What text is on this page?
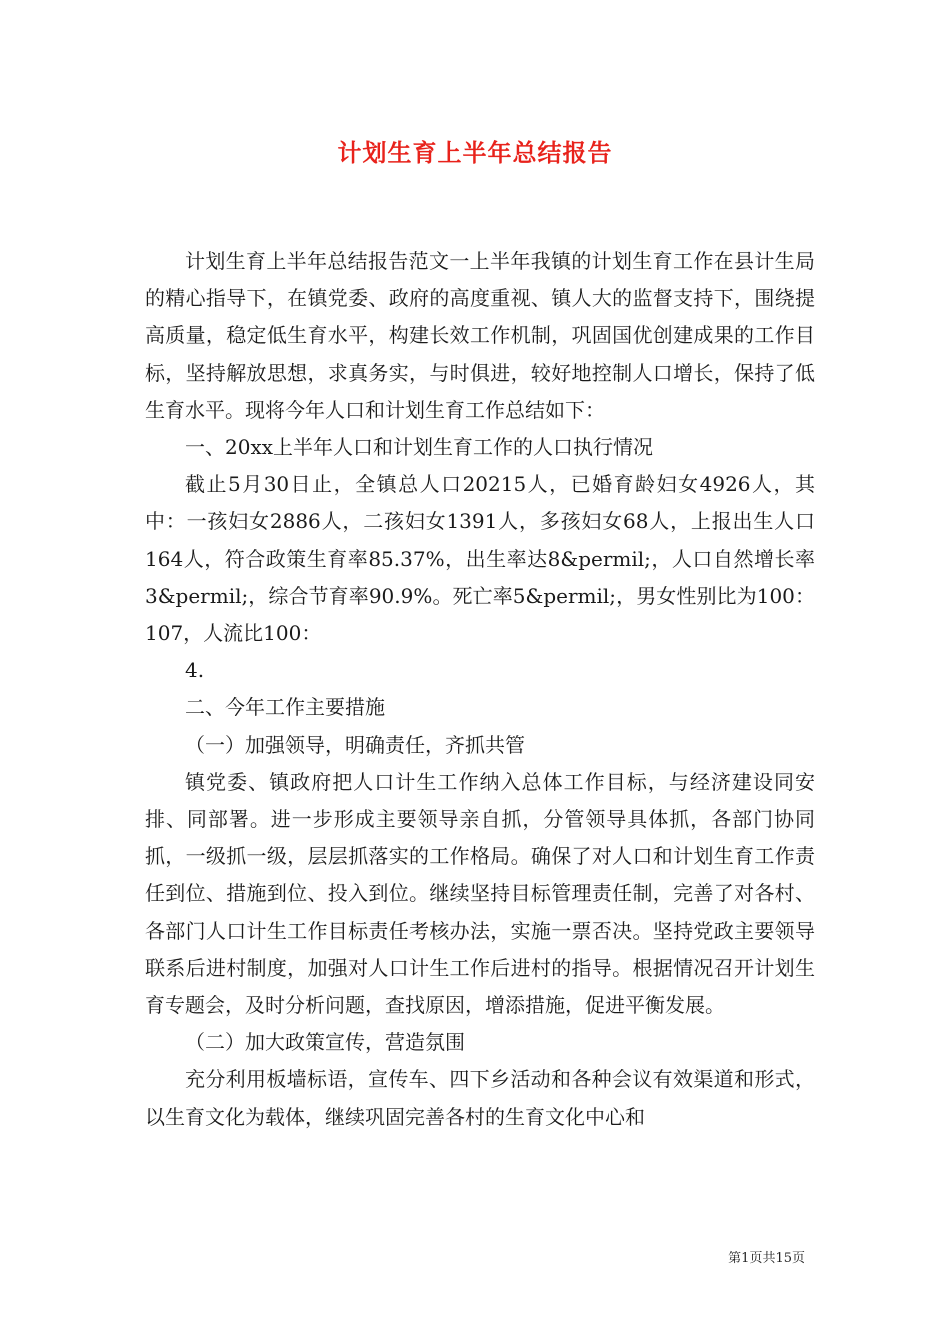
计划生育上半年总结报告

计划生育上半年总结报告范文一上半年我镇的计划生育工作在县计生局的精心指导下，在镇党委、政府的高度重视、镇人大的监督支持下，围绕提高质量，稳定低生育水平，构建长效工作机制，巩固国优创建成果的工作目标，坚持解放思想，求真务实，与时俱进，较好地控制人口增长，保持了低生育水平。现将今年人口和计划生育工作总结如下：

一、20xx上半年人口和计划生育工作的人口执行情况

截止5月30日止，全镇总人口20215人，已婚育龄妇女4926人，其中：一孩妇女2886人，二孩妇女1391人，多孩妇女68人，上报出生人口164人，符合政策生育率85.37%，出生率达8&permil;，人口自然增长率3&permil;，综合节育率90.9%。死亡率5&permil;，男女性别比为100：107，人流比100：

4.

二、今年工作主要措施

（一）加强领导，明确责任，齐抓共管

镇党委、镇政府把人口计生工作纳入总体工作目标，与经济建设同安排、同部署。进一步形成主要领导亲自抓，分管领导具体抓，各部门协同抓，一级抓一级，层层抓落实的工作格局。确保了对人口和计划生育工作责任到位、措施到位、投入到位。继续坚持目标管理责任制，完善了对各村、各部门人口计生工作目标责任考核办法，实施一票否决。坚持党政主要领导联系后进村制度，加强对人口计生工作后进村的指导。根据情况召开计划生育专题会，及时分析问题，查找原因，增添措施，促进平衡发展。

（二）加大政策宣传，营造氛围

充分利用板墙标语，宣传车、四下乡活动和各种会议有效渠道和形式，以生育文化为载体，继续巩固完善各村的生育文化中心和

第1页共15页
